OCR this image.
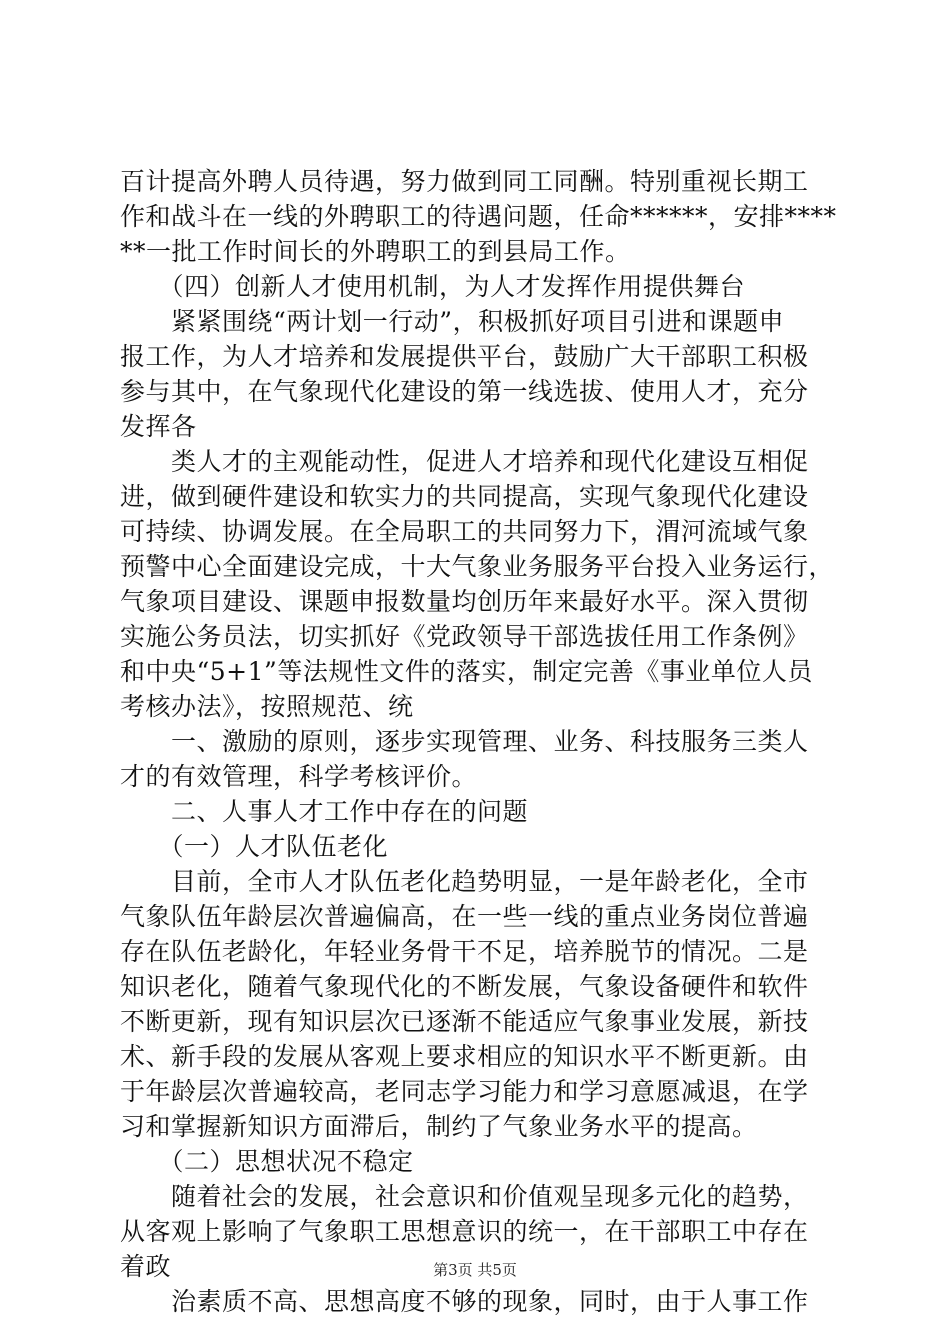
百计提高外聘人员待遇，努力做到同工同酬。特别重视长期工
作和战斗在一线的外聘职工的待遇问题，任命******，安排****
**一批工作时间长的外聘职工的到县局工作。
　　（四）创新人才使用机制，为人才发挥作用提供舞台
　　紧紧围绕“两计划一行动”，积极抓好项目引进和课题申
报工作，为人才培养和发展提供平台，鼓励广大干部职工积极
参与其中，在气象现代化建设的第一线选拔、使用人才，充分
发挥各
　　类人才的主观能动性，促进人才培养和现代化建设互相促
进，做到硬件建设和软实力的共同提高，实现气象现代化建设
可持续、协调发展。在全局职工的共同努力下，渭河流域气象
预警中心全面建设完成，十大气象业务服务平台投入业务运行，
气象项目建设、课题申报数量均创历年来最好水平。深入贯彻
实施公务员法，切实抓好《党政领导干部选拔任用工作条例》
和中央“5+1”等法规性文件的落实，制定完善《事业单位人员
考核办法》，按照规范、统
　　一、激励的原则，逐步实现管理、业务、科技服务三类人
才的有效管理，科学考核评价。
　　二、人事人才工作中存在的问题
　　（一）人才队伍老化
　　目前，全市人才队伍老化趋势明显，一是年龄老化，全市
气象队伍年龄层次普遍偏高，在一些一线的重点业务岗位普遍
存在队伍老龄化，年轻业务骨干不足，培养脱节的情况。二是
知识老化，随着气象现代化的不断发展，气象设备硬件和软件
不断更新，现有知识层次已逐渐不能适应气象事业发展，新技
术、新手段的发展从客观上要求相应的知识水平不断更新。由
于年龄层次普遍较高，老同志学习能力和学习意愿减退，在学
习和掌握新知识方面滞后，制约了气象业务水平的提高。
　　（二）思想状况不稳定
　　随着社会的发展，社会意识和价值观呈现多元化的趋势，
从客观上影响了气象职工思想意识的统一，在干部职工中存在
着政
　　治素质不高、思想高度不够的现象，同时，由于人事工作
第3页 共5页
